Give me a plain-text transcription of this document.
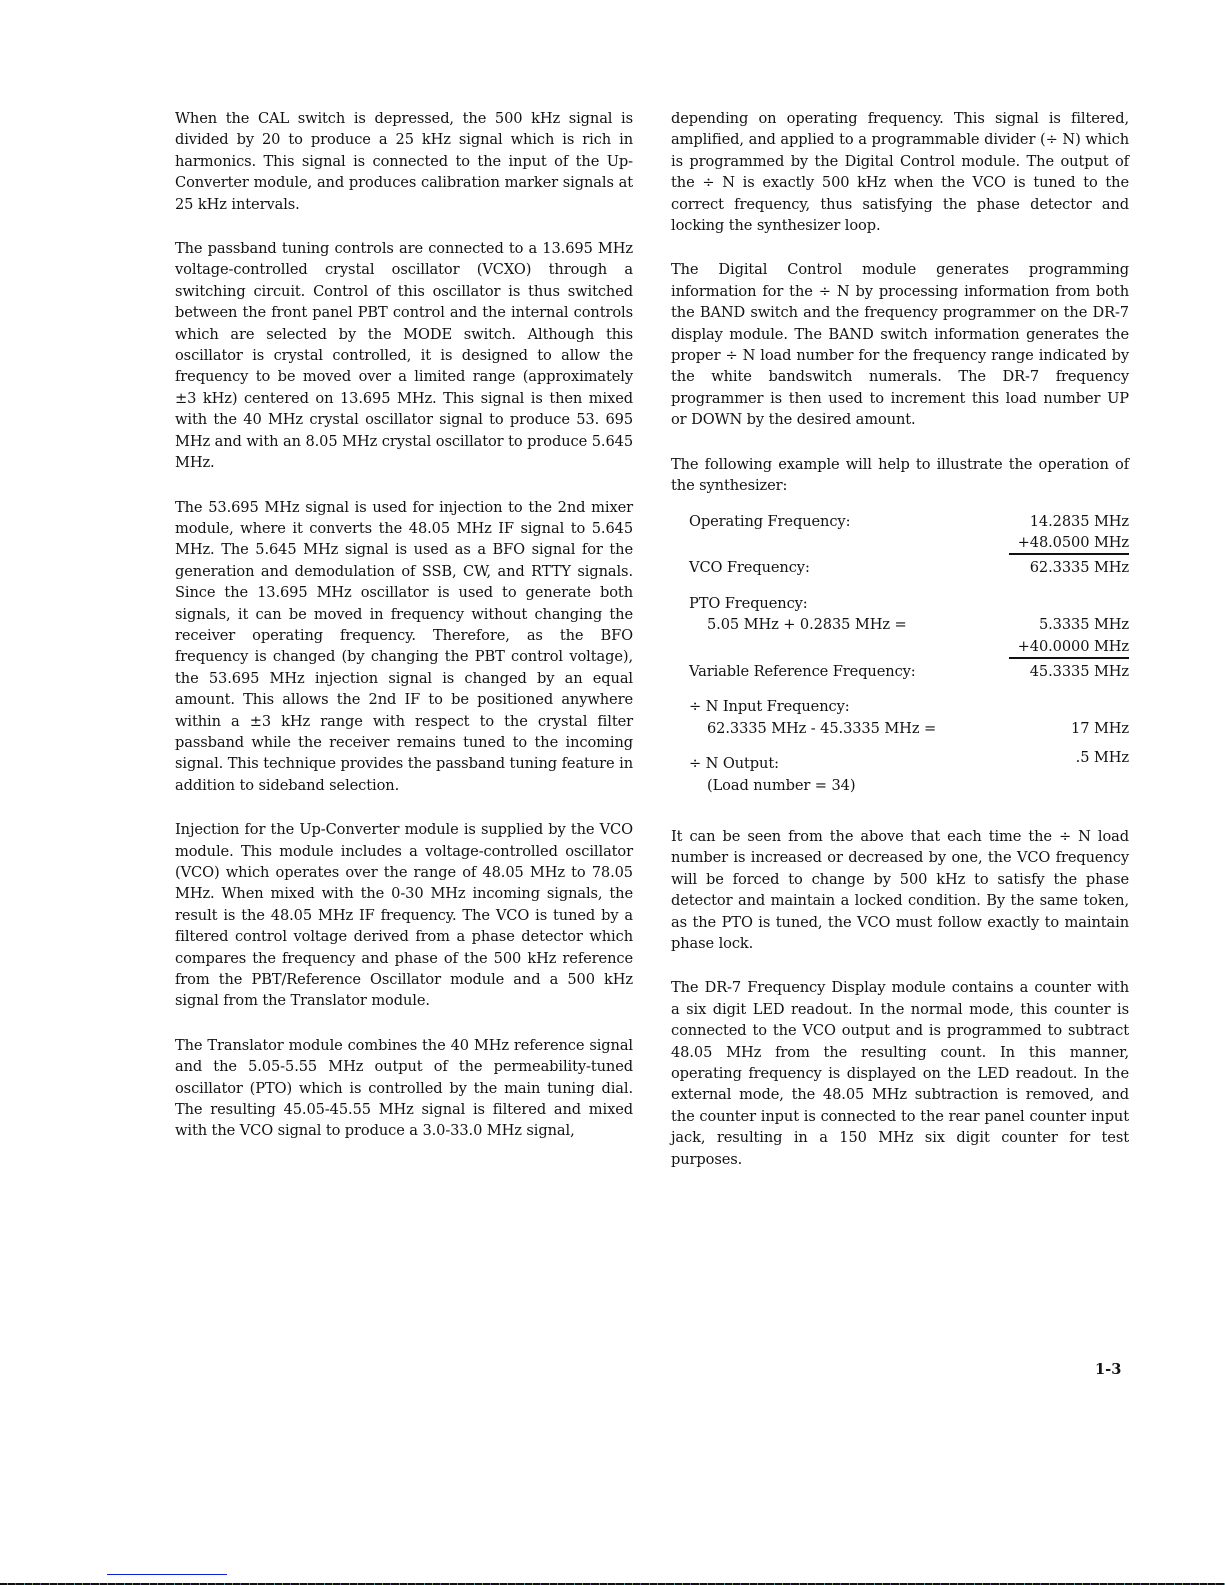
When the CAL switch is depressed, the 500 kHz signal is divided by 20 to produce a 25 kHz signal which is rich in harmonics. This signal is connected to the input of the Up-Converter module, and produces calibration marker signals at 25 kHz intervals.

The passband tuning controls are connected to a 13.695 MHz voltage-controlled crystal oscillator (VCXO) through a switching circuit. Control of this oscillator is thus switched between the front panel PBT control and the internal controls which are selected by the MODE switch. Although this oscillator is crystal controlled, it is designed to allow the frequency to be moved over a limited range (approximately ±3 kHz) centered on 13.695 MHz. This signal is then mixed with the 40 MHz crystal oscillator signal to produce 53. 695 MHz and with an 8.05 MHz crystal oscillator to produce 5.645 MHz.

The 53.695 MHz signal is used for injection to the 2nd mixer module, where it converts the 48.05 MHz IF signal to 5.645 MHz. The 5.645 MHz signal is used as a BFO signal for the generation and demodulation of SSB, CW, and RTTY signals. Since the 13.695 MHz oscillator is used to generate both signals, it can be moved in frequency without changing the receiver operating frequency. Therefore, as the BFO frequency is changed (by changing the PBT control voltage), the 53.695 MHz injection signal is changed by an equal amount. This allows the 2nd IF to be positioned anywhere within a ±3 kHz range with respect to the crystal filter passband while the receiver remains tuned to the incoming signal. This technique provides the passband tuning feature in addition to sideband selection.

Injection for the Up-Converter module is supplied by the VCO module. This module includes a voltage-controlled oscillator (VCO) which operates over the range of 48.05 MHz to 78.05 MHz. When mixed with the 0-30 MHz incoming signals, the result is the 48.05 MHz IF frequency. The VCO is tuned by a filtered control voltage derived from a phase detector which compares the frequency and phase of the 500 kHz reference from the PBT/Reference Oscillator module and a 500 kHz signal from the Translator module.

The Translator module combines the 40 MHz reference signal and the 5.05-5.55 MHz output of the permeability-tuned oscillator (PTO) which is controlled by the main tuning dial. The resulting 45.05-45.55 MHz signal is filtered and mixed with the VCO signal to produce a 3.0-33.0 MHz signal,

depending on operating frequency. This signal is filtered, amplified, and applied to a programmable divider (÷ N) which is programmed by the Digital Control module. The output of the ÷ N is exactly 500 kHz when the VCO is tuned to the correct frequency, thus satisfying the phase detector and locking the synthesizer loop.

The Digital Control module generates programming information for the ÷ N by processing information from both the BAND switch and the frequency programmer on the DR-7 display module. The BAND switch information generates the proper ÷ N load number for the frequency range indicated by the white bandswitch numerals. The DR-7 frequency programmer is then used to increment this load number UP or DOWN by the desired amount.

The following example will help to illustrate the operation of the synthesizer:

Operating Frequency:	14.2835 MHz
+48.0500 MHz
VCO Frequency:	62.3335 MHz
PTO Frequency:
5.05 MHz + 0.2835 MHz =	5.3335 MHz
+40.0000 MHz
Variable Reference Frequency:	45.3335 MHz
÷ N Input Frequency:
62.3335 MHz - 45.3335 MHz =	17 MHz
÷ N Output:	.5 MHz
(Load number = 34)

It can be seen from the above that each time the ÷ N load number is increased or decreased by one, the VCO frequency will be forced to change by 500 kHz to satisfy the phase detector and maintain a locked condition. By the same token, as the PTO is tuned, the VCO must follow exactly to maintain phase lock.

The DR-7 Frequency Display module contains a counter with a six digit LED readout. In the normal mode, this counter is connected to the VCO output and is programmed to subtract 48.05 MHz from the resulting count. In this manner, operating frequency is displayed on the LED readout. In the external mode, the 48.05 MHz subtraction is removed, and the counter input is connected to the rear panel counter input jack, resulting in a 150 MHz six digit counter for test purposes.

1-3
